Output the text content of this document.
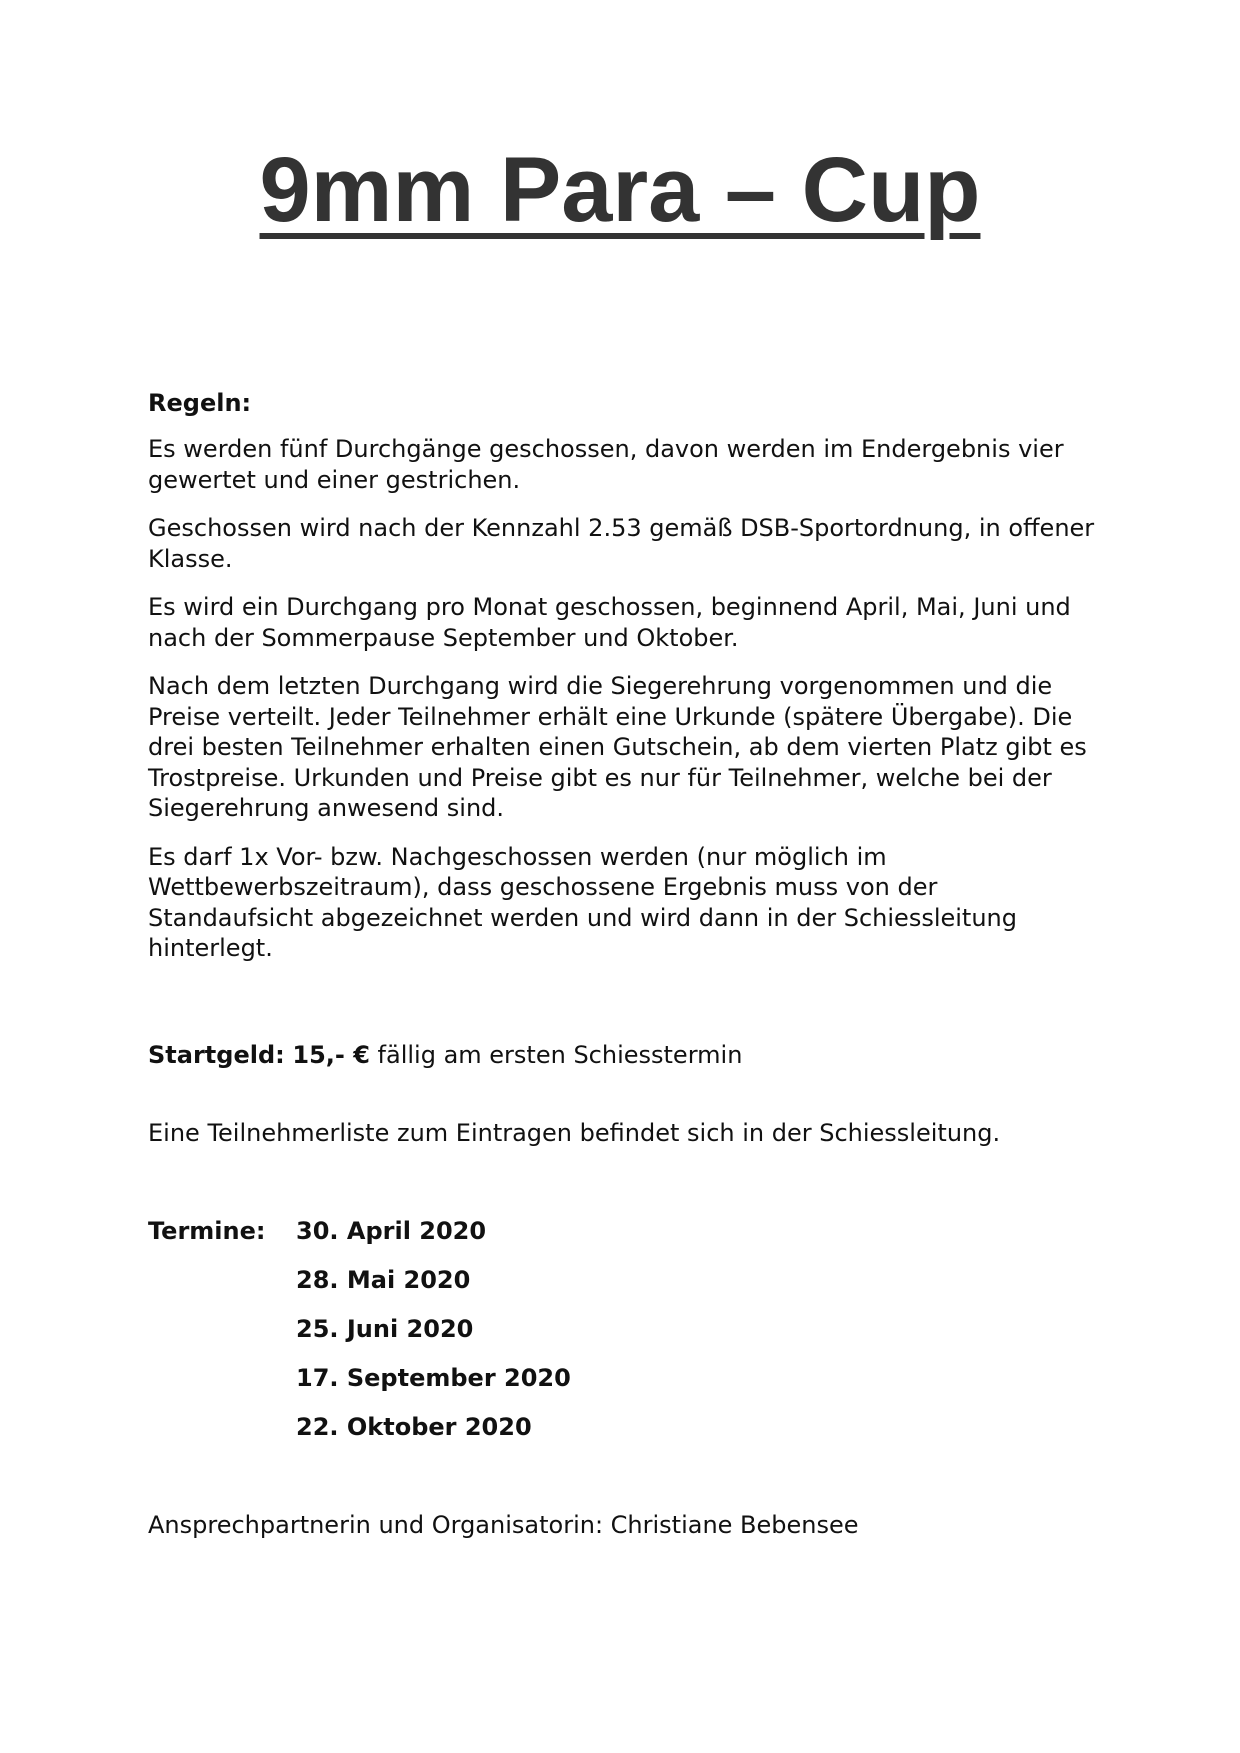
9mm Para – Cup

Regeln:

Es werden fünf Durchgänge geschossen, davon werden im Endergebnis vier gewertet und einer gestrichen.

Geschossen wird nach der Kennzahl 2.53 gemäß DSB-Sportordnung, in offener Klasse.

Es wird ein Durchgang pro Monat geschossen, beginnend April, Mai, Juni und nach der Sommerpause September und Oktober.

Nach dem letzten Durchgang wird die Siegerehrung vorgenommen und die Preise verteilt. Jeder Teilnehmer erhält eine Urkunde (spätere Übergabe). Die drei besten Teilnehmer erhalten einen Gutschein, ab dem vierten Platz gibt es Trostpreise. Urkunden und Preise gibt es nur für Teilnehmer, welche bei der Siegerehrung anwesend sind.

Es darf 1x Vor- bzw. Nachgeschossen werden (nur möglich im Wettbewerbszeitraum), dass geschossene Ergebnis muss von der Standaufsicht abgezeichnet werden und wird dann in der Schiessleitung hinterlegt.

Startgeld: 15,- € fällig am ersten Schiesstermin

Eine Teilnehmerliste zum Eintragen befindet sich in der Schiessleitung.

Termine: 30. April 2020
28. Mai 2020
25. Juni 2020
17. September 2020
22. Oktober 2020

Ansprechpartnerin und Organisatorin: Christiane Bebensee
